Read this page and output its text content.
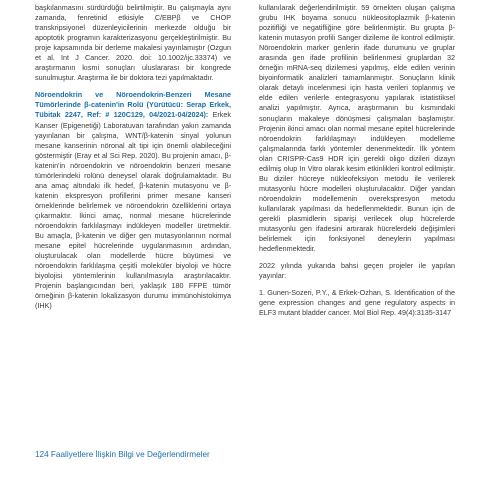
başkılanmasını sürdürdüğü belirtilmiştir. Bu çalışmayla aynı zamanda, fenretinid etkisiyle C/EBPβ ve CHOP transkripsiyonel düzenleyicilerinin merkezde olduğu bir apoptotik programın karakterizasyonu gerçekleştirilmiştir. Bu proje kapsamında bir derleme makalesi yayınlamıştır (Ozgun et al. Int J Cancer. 2020. doi: 10.1002/ijc.33374) ve araştırmanın kısmi sonuçları uluslararası bir kongrede sunulmuştur. Araştırma ile bir doktora tezi yapılmaktadır.

Nöroendokrin ve Nöroendokrin-Benzeri Mesane Tümörlerinde β-catenin'in Rolü (Yürütücü: Serap Erkek, Tübitak 2247, Ref: # 120C129, 04/2021-04/2024): Erkek Kanser (Epigenetiği) Laboratuvarı tarafından yakın zamanda yayınlanan bir çalışma, WNT/β-katenin sinyal yolunun mesane kanserinin nöronal alt tipi için önemli olabileceğini göstermiştir (Eray et al Sci Rep. 2020). Bu projenin amacı, β-katenin'in nöroendokrin ve nöroendokrin benzeri mesane tümörlerindeki rolünü deneysel olarak doğrulamaktadır. Bu ana amaç altındaki ilk hedef, β-katenin mutasyonu ve β-katenin ekspresyon profillerini primer mesane kanseri örneklerinde belirlemek ve nöroendokrin özelliklerini ortaya çıkarmaktır. İkinci amaç, normal mesane hücrelerinde nöroendokrin farklılaşmayı indükleyen modeller üretmektir. Bu amaçla, β-katenin ve diğer gen mutasyonlarının normal mesane epitel hücrelerinde uygulanmasının ardından, oluşturulacak olan modellerde hücre büyümesi ve nöroendokrin farklılaşma çeşitli moleküler biyoloji ve hücre biyolojisi yöntemlerinin kullanılmasıyla araştırılacaktır. Projenin başlangıcından beri, yaklaşık 180 FFPE tümör örneğinin β-katenin lokalizasyon durumu immünohistokimya (IHK)

kullanılarak değerlendirilmiştir. 59 örnekten oluşan çalışma grubu IHK boyama sonucu nükleositoplazmik β-katenin pozitifliği ve negatifliğine göre belirlenmiştir. Bu grupta β-katenin mutasyon profili Sanger dizileme ile kontrol edilmiştir. Nöroendokrin marker genlerin ifade durumunu ve gruplar arasında gen ifade profilinin belirlenmesi gruplardan 32 örneğin mRNA-seq dizilemesi yapılmış, elde edilen verinin biyoinformatik analizleri tamamlanmıştır. Sonuçların klinik olarak detaylı incelenmesi için hasta verileri toplanmış ve elde edilen verilerle entegrasyonu yapılarak istatistiksel analizi yapılmıştır. Ayrıca, araştırmanın bu kısmındaki sonuçların makaleye dönüşmesi çalışmaları başlamıştır. Projenin ikinci amacı olan normal mesane epitel hücrelerinde nöroendokrin farklılaşmayı indükleyen modelleme çalışmalarında farklı yöntemler denenmektedir. İlk yöntem olan CRISPR-Cas9 HDR için gerekli oligo dizileri dizayn edilmiş olup In Vitro olarak kesim etkinlikleri kontrol edilmiştir. Bu diziler hücreye nükleofeksiyon metodu ile verilerek mutasyonlu hücre modelleri oluşturulacaktır. Diğer yandan nöroendokrin modellemenin overekspresyon metodu kullanılarak yapılması da hedeflenmektedir. Bunun için de gerekli plasmidlerin siparişi verilecek olup hücrelerde mutasyonlu gen ifadesini artırarak hücrelerdeki değişimleri belirlemek için fonksiyonel deneylerin yapılması hedeflenmektedir.

2022 yılında yukarıda bahsi geçen projeler ile yapılan yayınlar:

1. Gunen-Sozeri, P.Y., & Erkek-Ozhan, S. Identification of the gene expression changes and gene regulatory aspects in ELF3 mutant bladder cancer. Mol Biol Rep. 49(4):3135-3147

124 Faaliyetlere İlişkin Bilgi ve Değerlendirmeler
